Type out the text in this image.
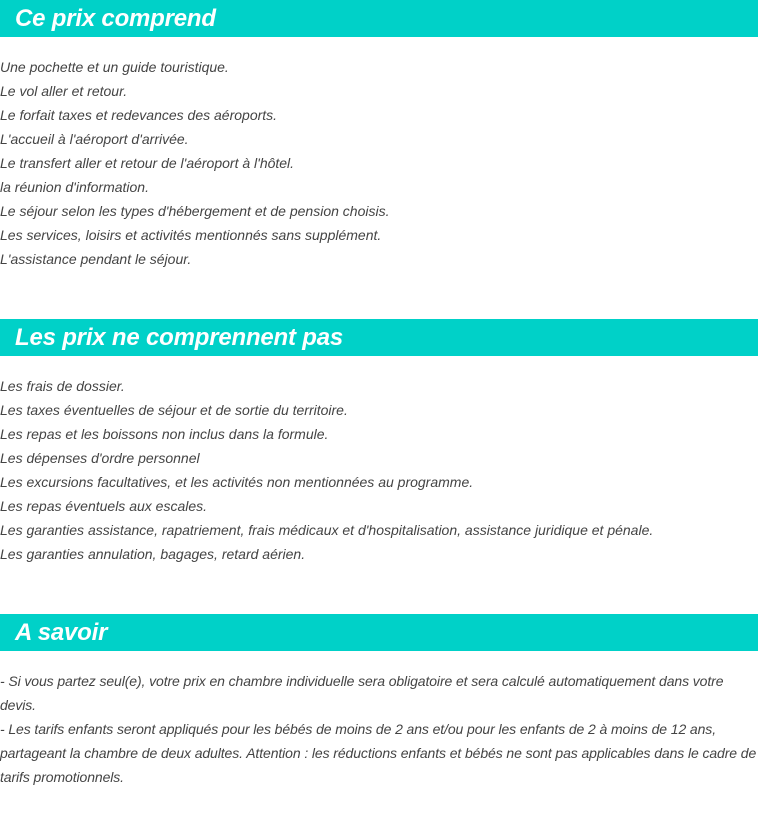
Ce prix comprend
Une pochette et un guide touristique.
Le vol aller et retour.
Le forfait taxes et redevances des aéroports.
L'accueil à l'aéroport d'arrivée.
Le transfert aller et retour de l'aéroport à l'hôtel.
la réunion d'information.
Le séjour selon les types d'hébergement et de pension choisis.
Les services, loisirs et activités mentionnés sans supplément.
L'assistance pendant le séjour.
Les prix ne comprennent pas
Les frais de dossier.
Les taxes éventuelles de séjour et de sortie du territoire.
Les repas et les boissons non inclus dans la formule.
Les dépenses d'ordre personnel
Les excursions facultatives, et les activités non mentionnées au programme.
Les repas éventuels aux escales.
Les garanties assistance, rapatriement, frais médicaux et d'hospitalisation, assistance juridique et pénale.
Les garanties annulation, bagages, retard aérien.
A savoir

- Si vous partez seul(e), votre prix en chambre individuelle sera obligatoire et sera calculé automatiquement dans votre devis.

- Les tarifs enfants seront appliqués pour les bébés de moins de 2 ans et/ou pour les enfants de 2 à moins de 12 ans, partageant la chambre de deux adultes. Attention : les réductions enfants et bébés ne sont pas applicables dans le cadre de tarifs promotionnels.
